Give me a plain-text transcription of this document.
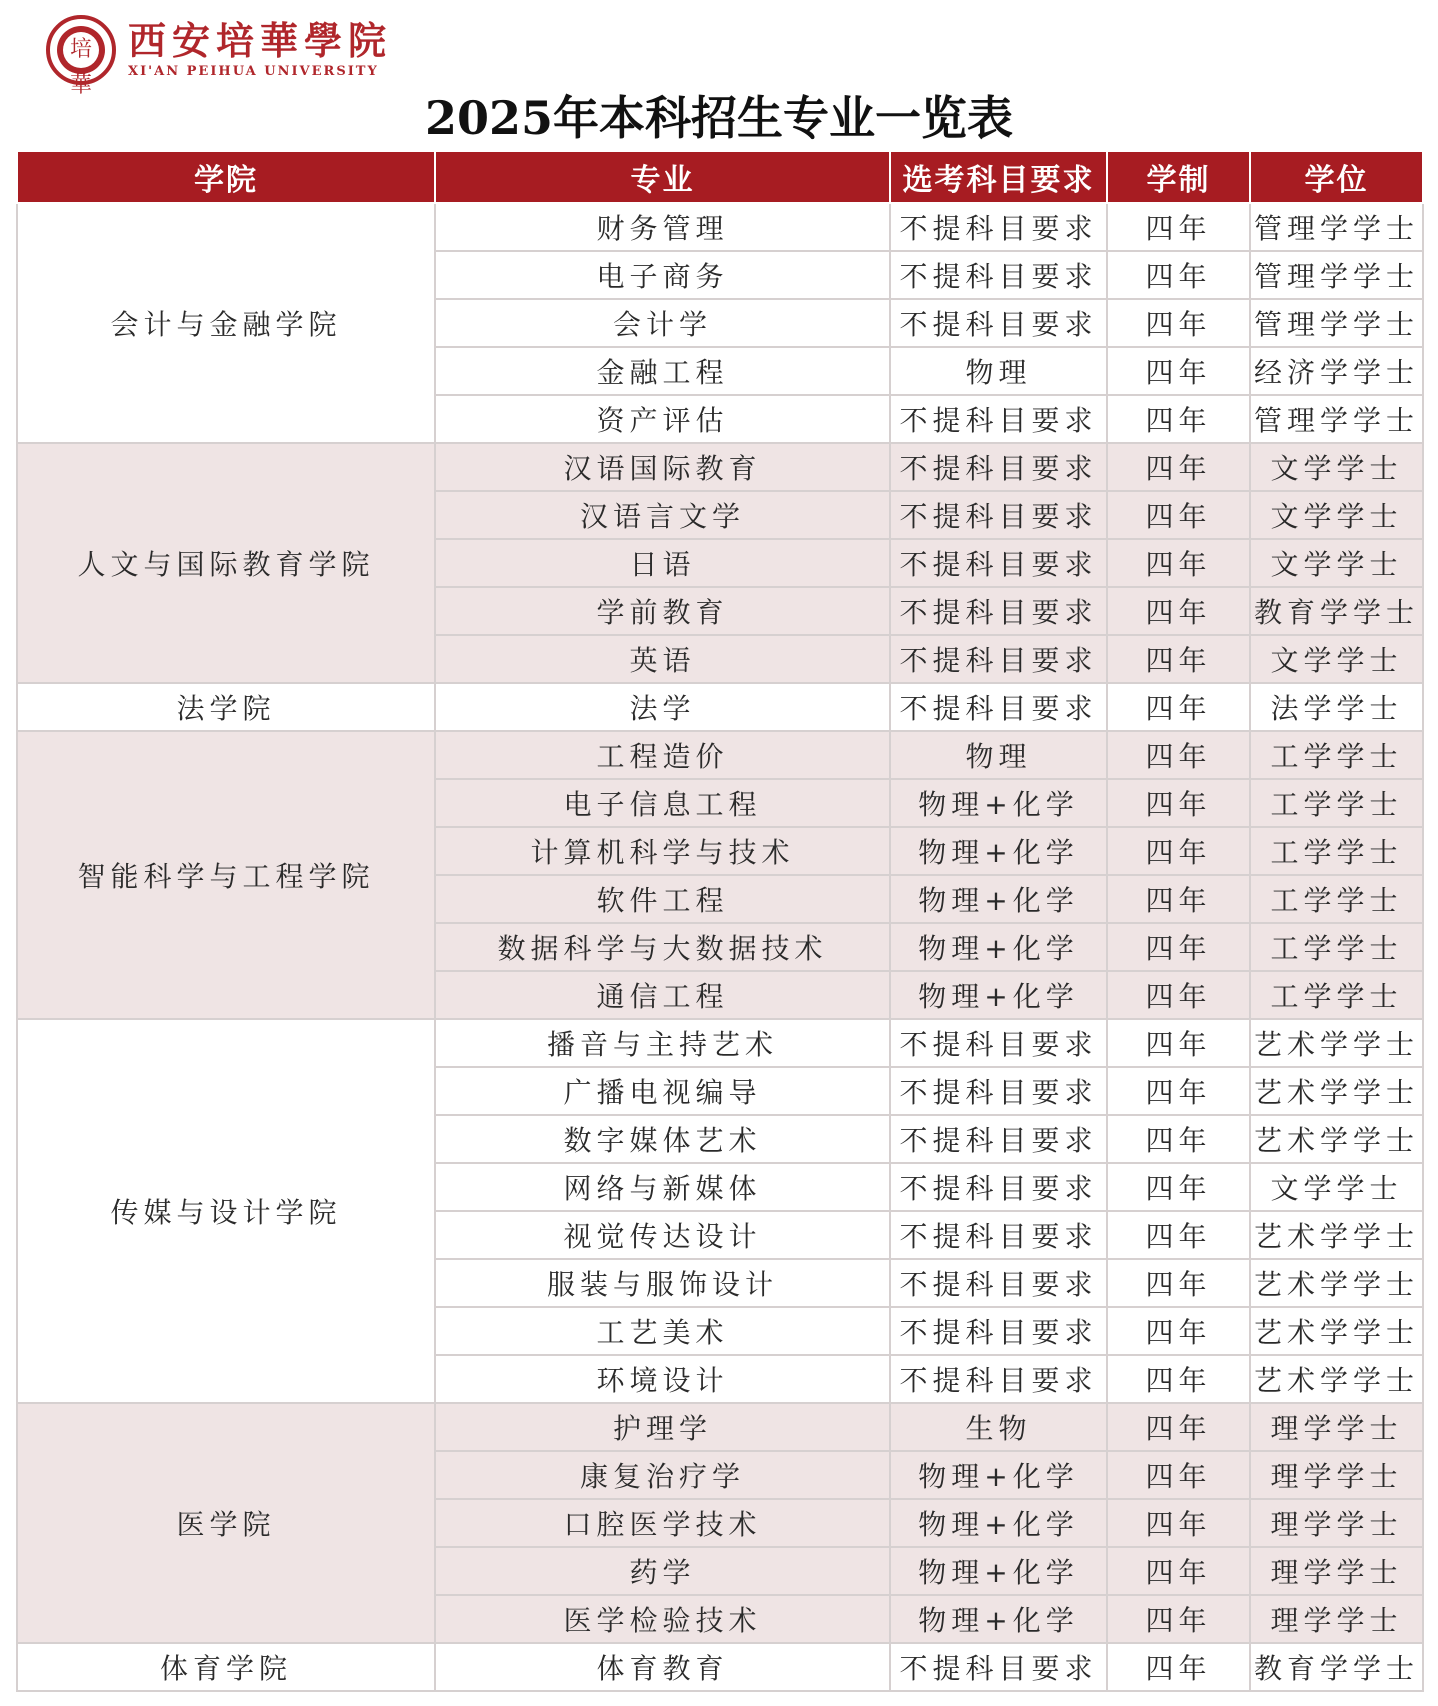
培華
西安培華學院
XI'AN PEIHUA UNIVERSITY
2025年本科招生专业一览表
学院	专业	选考科目要求	学制	学位
会计与金融学院	财务管理	不提科目要求	四年	管理学学士
	电子商务	不提科目要求	四年	管理学学士
	会计学	不提科目要求	四年	管理学学士
	金融工程	物理	四年	经济学学士
	资产评估	不提科目要求	四年	管理学学士
人文与国际教育学院	汉语国际教育	不提科目要求	四年	文学学士
	汉语言文学	不提科目要求	四年	文学学士
	日语	不提科目要求	四年	文学学士
	学前教育	不提科目要求	四年	教育学学士
	英语	不提科目要求	四年	文学学士
法学院	法学	不提科目要求	四年	法学学士
智能科学与工程学院	工程造价	物理	四年	工学学士
	电子信息工程	物理+化学	四年	工学学士
	计算机科学与技术	物理+化学	四年	工学学士
	软件工程	物理+化学	四年	工学学士
	数据科学与大数据技术	物理+化学	四年	工学学士
	通信工程	物理+化学	四年	工学学士
传媒与设计学院	播音与主持艺术	不提科目要求	四年	艺术学学士
	广播电视编导	不提科目要求	四年	艺术学学士
	数字媒体艺术	不提科目要求	四年	艺术学学士
	网络与新媒体	不提科目要求	四年	文学学士
	视觉传达设计	不提科目要求	四年	艺术学学士
	服装与服饰设计	不提科目要求	四年	艺术学学士
	工艺美术	不提科目要求	四年	艺术学学士
	环境设计	不提科目要求	四年	艺术学学士
医学院	护理学	生物	四年	理学学士
	康复治疗学	物理+化学	四年	理学学士
	口腔医学技术	物理+化学	四年	理学学士
	药学	物理+化学	四年	理学学士
	医学检验技术	物理+化学	四年	理学学士
体育学院	体育教育	不提科目要求	四年	教育学学士
